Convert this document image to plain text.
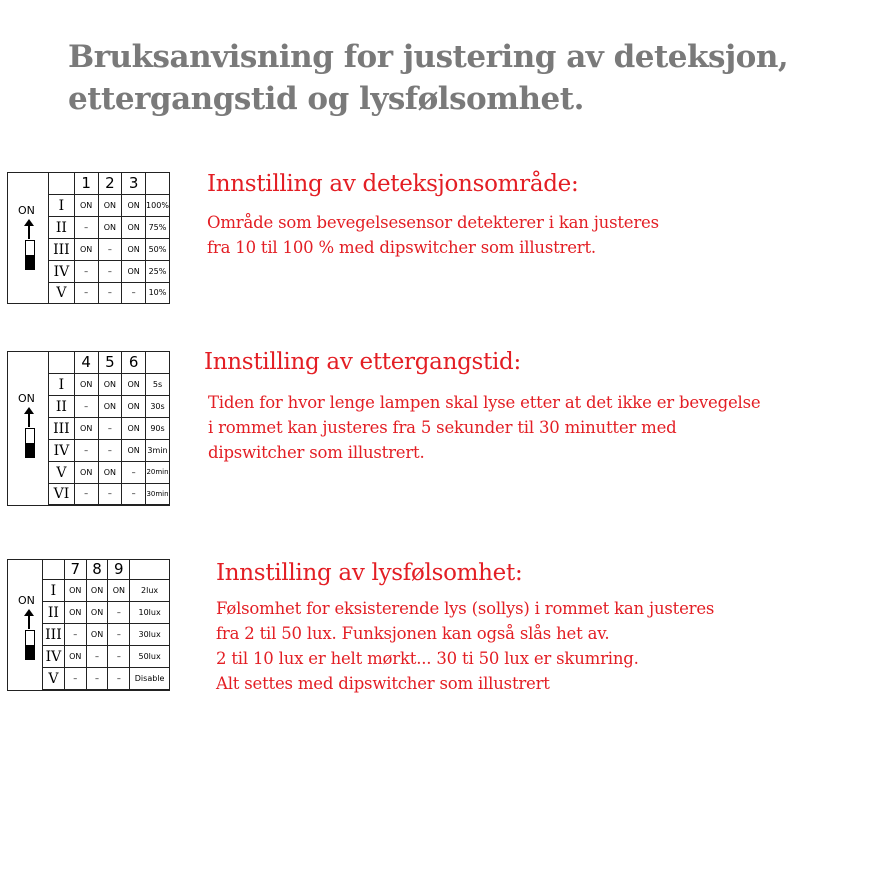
Bruksanvisning for justering av deteksjon,
ettergangstid og lysfølsomhet.
ON
	1	2	3	
I	ON	ON	ON	100%
II	–	ON	ON	75%
III	ON	–	ON	50%
IV	–	–	ON	25%
V	–	–	–	10%
Innstilling av deteksjonsområde:
Område som bevegelsesensor detekterer i kan justeres
fra 10 til 100 % med dipswitcher som illustrert.
ON
	4	5	6	
I	ON	ON	ON	5s
II	–	ON	ON	30s
III	ON	–	ON	90s
IV	–	–	ON	3min
V	ON	ON	–	20min
VI	–	–	–	30min
Innstilling av ettergangstid:
Tiden for hvor lenge lampen skal lyse etter at det ikke er bevegelse
i rommet kan justeres fra 5 sekunder til 30 minutter med
dipswitcher som illustrert.
ON
	7	8	9	
I	ON	ON	ON	2lux
II	ON	ON	–	10lux
III	–	ON	–	30lux
IV	ON	–	–	50lux
V	–	–	–	Disable
Innstilling av lysfølsomhet:
Følsomhet for eksisterende lys (sollys) i rommet kan justeres
fra 2 til 50 lux. Funksjonen kan også slås het av.
2 til 10 lux er helt mørkt... 30 ti 50 lux er skumring.
Alt settes med dipswitcher som illustrert
